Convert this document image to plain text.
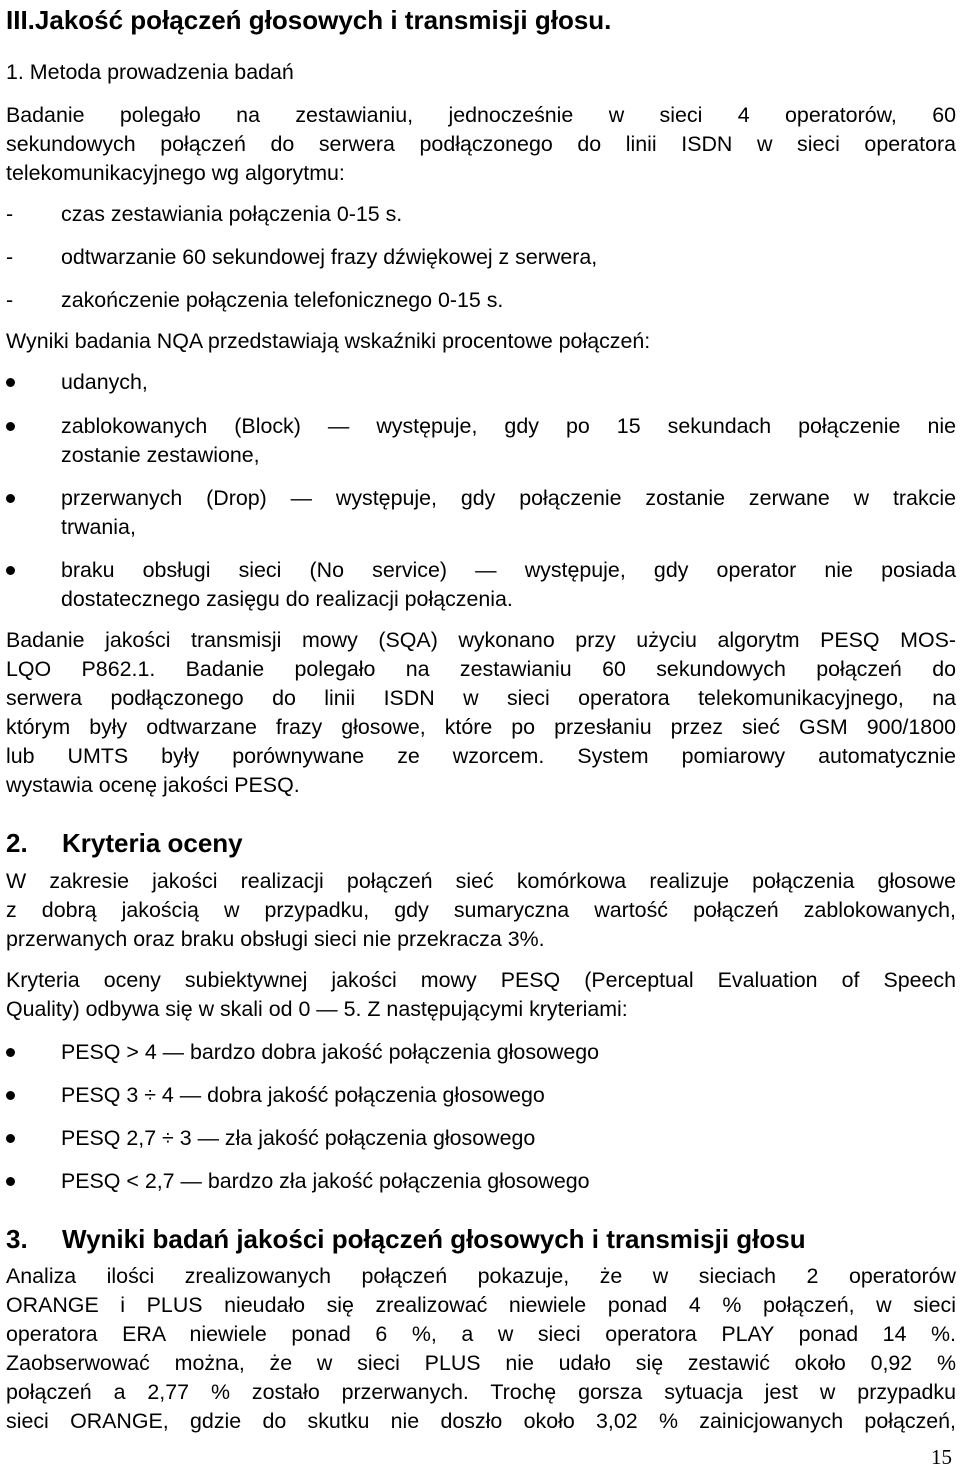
III.Jakość połączeń głosowych i transmisji głosu.
1. Metoda prowadzenia badań
Badanie polegało na zestawianiu, jednocześnie w sieci 4 operatorów, 60
sekundowych połączeń do serwera podłączonego do linii ISDN w sieci operatora
telekomunikacyjnego wg algorytmu:
- czas zestawiania połączenia 0-15 s.
- odtwarzanie 60 sekundowej frazy dźwiękowej z serwera,
- zakończenie połączenia telefonicznego 0-15 s.
Wyniki badania NQA przedstawiają wskaźniki procentowe połączeń:
udanych,
zablokowanych (Block) — występuje, gdy po 15 sekundach połączenie nie
zostanie zestawione,
przerwanych (Drop) — występuje, gdy połączenie zostanie zerwane w trakcie
trwania,
braku obsługi sieci (No service) — występuje, gdy operator nie posiada
dostatecznego zasięgu do realizacji połączenia.
Badanie jakości transmisji mowy (SQA) wykonano przy użyciu algorytm PESQ MOS-
LQO P862.1. Badanie polegało na zestawianiu 60 sekundowych połączeń do
serwera podłączonego do linii ISDN w sieci operatora telekomunikacyjnego, na
którym były odtwarzane frazy głosowe, które po przesłaniu przez sieć GSM 900/1800
lub UMTS były porównywane ze wzorcem. System pomiarowy automatycznie
wystawia ocenę jakości PESQ.
2. Kryteria oceny
W zakresie jakości realizacji połączeń sieć komórkowa realizuje połączenia głosowe
z dobrą jakością w przypadku, gdy sumaryczna wartość połączeń zablokowanych,
przerwanych oraz braku obsługi sieci nie przekracza 3%.
Kryteria oceny subiektywnej jakości mowy PESQ (Perceptual Evaluation of Speech
Quality) odbywa się w skali od 0 — 5. Z następującymi kryteriami:
PESQ > 4 — bardzo dobra jakość połączenia głosowego
PESQ 3 ÷ 4 — dobra jakość połączenia głosowego
PESQ 2,7 ÷ 3 — zła jakość połączenia głosowego
PESQ < 2,7 — bardzo zła jakość połączenia głosowego
3. Wyniki badań jakości połączeń głosowych i transmisji głosu
Analiza ilości zrealizowanych połączeń pokazuje, że w sieciach 2 operatorów
ORANGE i PLUS nieudało się zrealizować niewiele ponad 4 % połączeń, w sieci
operatora ERA niewiele ponad 6 %, a w sieci operatora PLAY ponad 14 %.
Zaobserwować można, że w sieci PLUS nie udało się zestawić około 0,92 %
połączeń a 2,77 % zostało przerwanych. Trochę gorsza sytuacja jest w przypadku
sieci ORANGE, gdzie do skutku nie doszło około 3,02 % zainicjowanych połączeń,
15
